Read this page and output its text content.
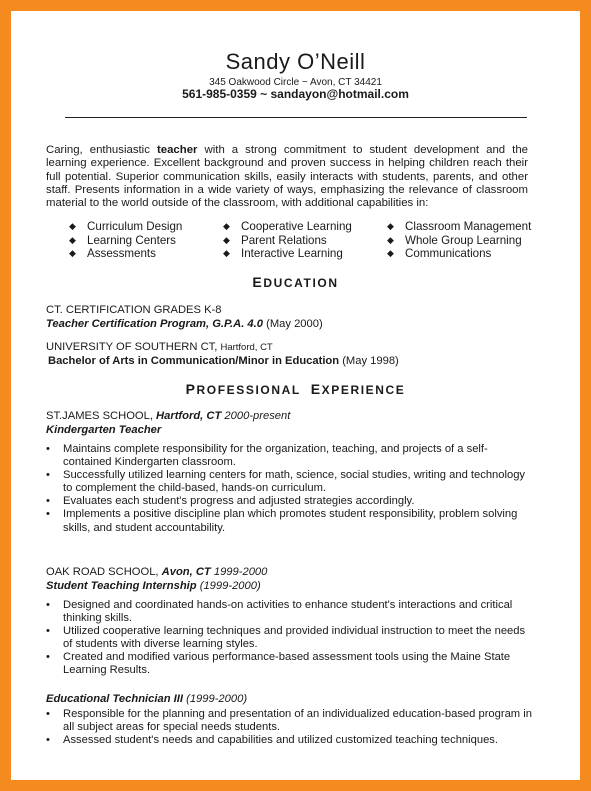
Sandy O’Neill
345 Oakwood Circle ~ Avon, CT 34421
561-985-0359 ~ sandayon@hotmail.com

Caring, enthusiastic teacher with a strong commitment to student development and the learning experience. Excellent background and proven success in helping children reach their full potential. Superior communication skills, easily interacts with students, parents, and other staff. Presents information in a wide variety of ways, emphasizing the relevance of classroom material to the world outside of the classroom, with additional capabilities in:

◆ Curriculum Design
◆ Learning Centers
◆ Assessments
◆ Cooperative Learning
◆ Parent Relations
◆ Interactive Learning
◆ Classroom Management
◆ Whole Group Learning
◆ Communications
EDUCATION
CT. CERTIFICATION GRADES K-8
Teacher Certification Program, G.P.A. 4.0 (May 2000)
UNIVERSITY OF SOUTHERN CT, Hartford, CT
Bachelor of Arts in Communication/Minor in Education (May 1998)
PROFESSIONAL EXPERIENCE
ST.JAMES SCHOOL, Hartford, CT 2000-present
Kindergarten Teacher
• Maintains complete responsibility for the organization, teaching, and projects of a self-contained Kindergarten classroom.
• Successfully utilized learning centers for math, science, social studies, writing and technology to complement the child-based, hands-on curriculum.
• Evaluates each student's progress and adjusted strategies accordingly.
• Implements a positive discipline plan which promotes student responsibility, problem solving skills, and student accountability.
OAK ROAD SCHOOL, Avon, CT 1999-2000
Student Teaching Internship (1999-2000)
• Designed and coordinated hands-on activities to enhance student's interactions and critical thinking skills.
• Utilized cooperative learning techniques and provided individual instruction to meet the needs of students with diverse learning styles.
• Created and modified various performance-based assessment tools using the Maine State Learning Results.
Educational Technician III (1999-2000)
• Responsible for the planning and presentation of an individualized education-based program in all subject areas for special needs students.
• Assessed student's needs and capabilities and utilized customized teaching techniques.
